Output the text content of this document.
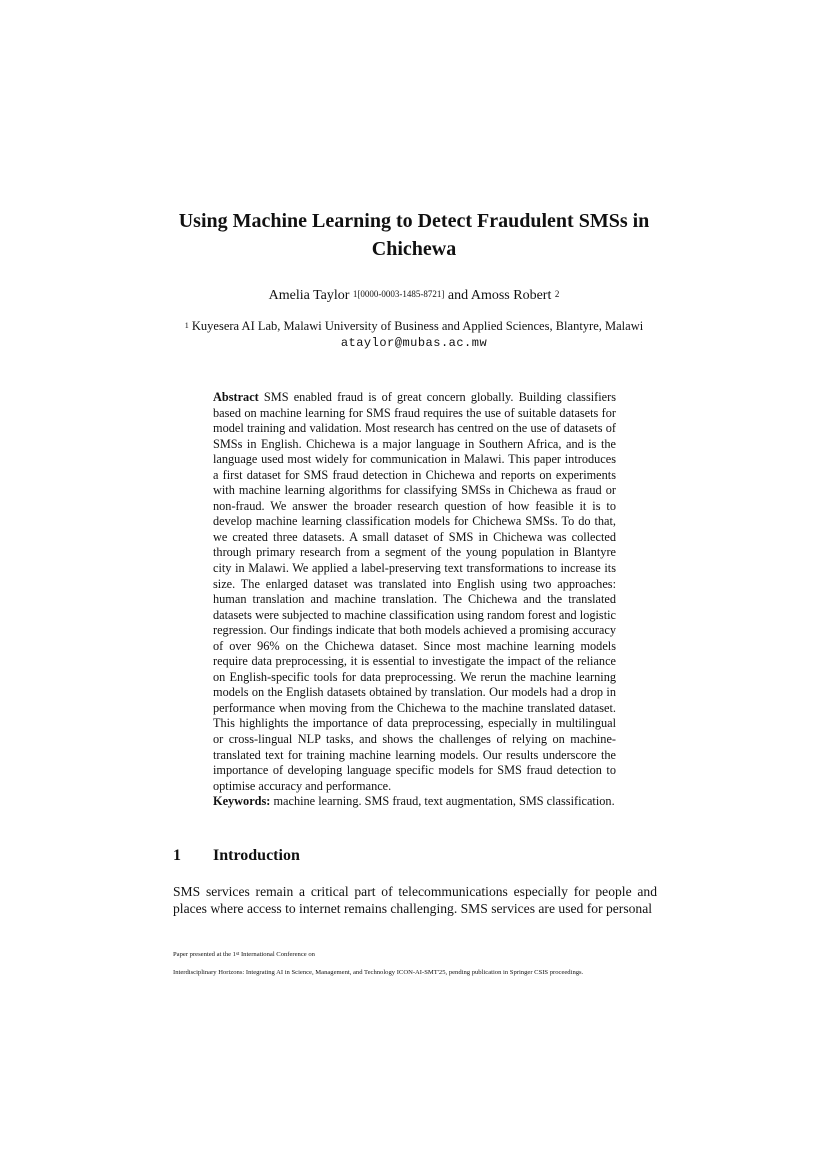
Using Machine Learning to Detect Fraudulent SMSs in Chichewa
Amelia Taylor $^{1[0000-0003-1485-8721]}$ and Amoss Robert $^2$
$^1$ Kuyesera AI Lab, Malawi University of Business and Applied Sciences, Blantyre, Malawi
ataylor@mubas.ac.mw

Abstract SMS enabled fraud is of great concern globally. Building classifiers based on machine learning for SMS fraud requires the use of suitable datasets for model training and validation. Most research has centred on the use of datasets of SMSs in English. Chichewa is a major language in Southern Africa, and is the language used most widely for communication in Malawi. This paper introduces a first dataset for SMS fraud detection in Chichewa and reports on experiments with machine learning algorithms for classifying SMSs in Chichewa as fraud or non-fraud. We answer the broader research question of how feasible it is to develop machine learning classification models for Chichewa SMSs. To do that, we created three datasets. A small dataset of SMS in Chichewa was collected through primary research from a segment of the young population in Blantyre city in Malawi. We applied a label-preserving text transformations to increase its size. The enlarged dataset was translated into English using two approaches: human translation and machine translation. The Chichewa and the translated datasets were subjected to machine classification using random forest and logistic regression. Our findings indicate that both models achieved a promising accuracy of over 96% on the Chichewa dataset. Since most machine learning models require data preprocessing, it is essential to investigate the impact of the reliance on English-specific tools for data preprocessing. We rerun the machine learning models on the English datasets obtained by translation. Our models had a drop in performance when moving from the Chichewa to the machine translated dataset. This highlights the importance of data preprocessing, especially in multilingual or cross-lingual NLP tasks, and shows the challenges of relying on machine-translated text for training machine learning models. Our results underscore the importance of developing language specific models for SMS fraud detection to optimise accuracy and performance.

Keywords: machine learning. SMS fraud, text augmentation, SMS classification.

1 Introduction

SMS services remain a critical part of telecommunications especially for people and places where access to internet remains challenging. SMS services are used for personal

Paper presented at the 1st International Conference on
Interdisciplinary Horizons: Integrating AI in Science, Management, and Technology ICON-AI-SMT'25, pending publication in Springer CSIS proceedings.
